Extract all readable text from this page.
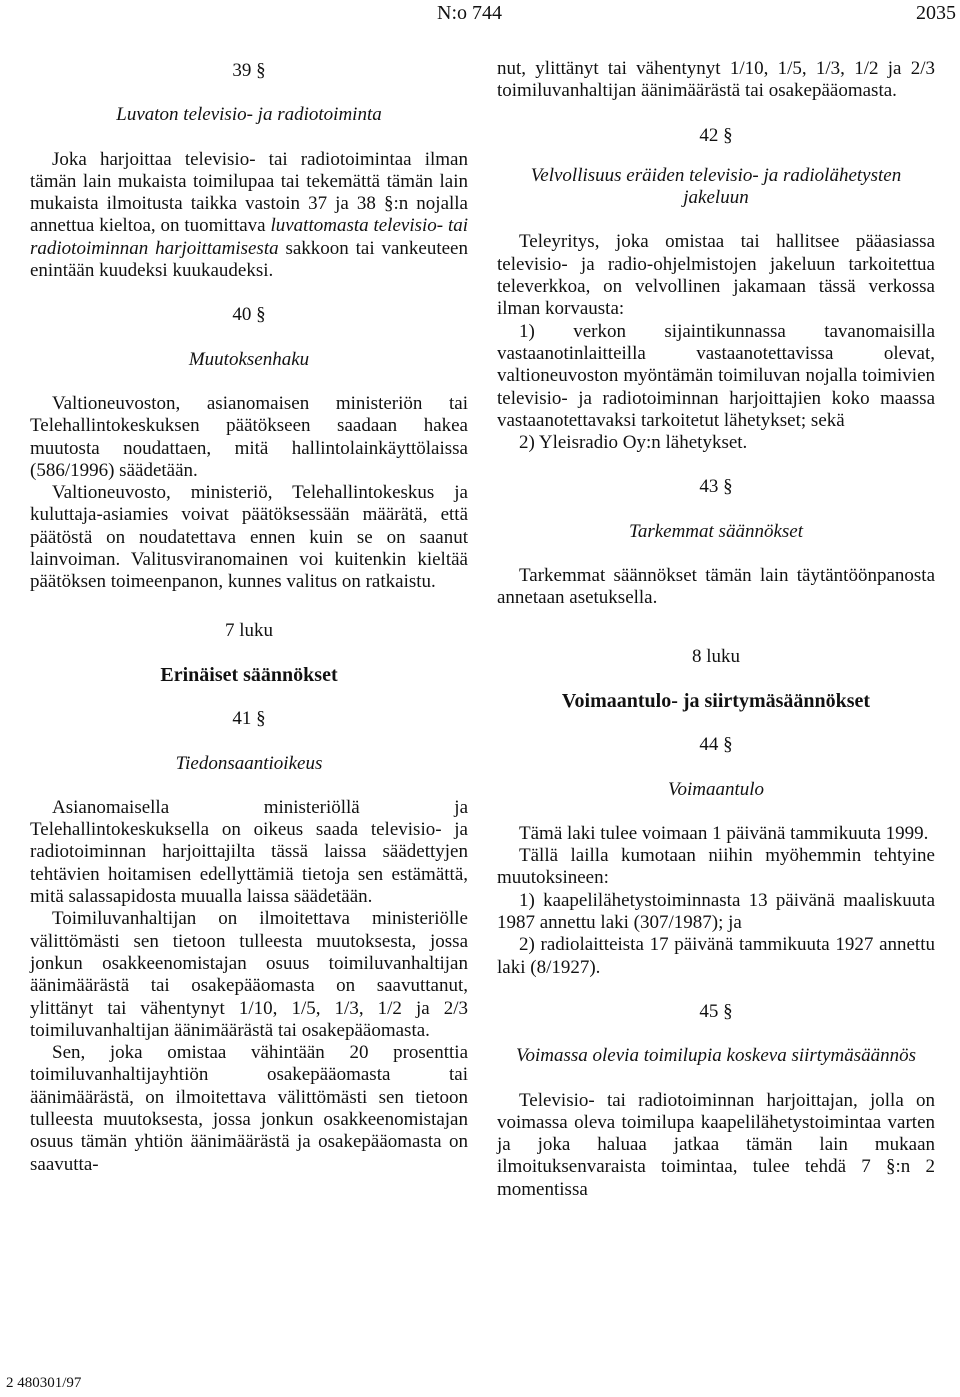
N:o 744	2035
39 §
Luvaton televisio- ja radiotoiminta

Joka harjoittaa televisio- tai radiotoimintaa ilman tämän lain mukaista toimilupaa tai tekemättä tämän lain mukaista ilmoitusta taikka vastoin 37 ja 38 §:n nojalla annettua kieltoa, on tuomittava luvattomasta televisio- tai radiotoiminnan harjoittamisesta sakkoon tai vankeuteen enintään kuudeksi kuukaudeksi.

40 §
Muutoksenhaku

Valtioneuvoston, asianomaisen ministeriön tai Telehallintokeskuksen päätökseen saadaan hakea muutosta noudattaen, mitä hallintolainkäyttölaissa (586/1996) säädetään.

Valtioneuvosto, ministeriö, Telehallintokeskus ja kuluttaja-asiamies voivat päätöksessään määrätä, että päätöstä on noudatettava ennen kuin se on saanut lainvoiman. Valitusviranomainen voi kuitenkin kieltää päätöksen toimeenpanon, kunnes valitus on ratkaistu.

7 luku
Erinäiset säännökset
41 §
Tiedonsaantioikeus

Asianomaisella ministeriöllä ja Telehallintokeskuksella on oikeus saada televisio- ja radiotoiminnan harjoittajilta tässä laissa säädettyjen tehtävien hoitamisen edellyttämiä tietoja sen estämättä, mitä salassapidosta muualla laissa säädetään.

Toimiluvanhaltijan on ilmoitettava ministeriölle välittömästi sen tietoon tulleesta muutoksesta, jossa jonkun osakkeenomistajan osuus toimiluvanhaltijan äänimäärästä tai osakepääomasta on saavuttanut, ylittänyt tai vähentynyt 1/10, 1/5, 1/3, 1/2 ja 2/3 toimiluvanhaltijan äänimäärästä tai osakepääomasta.

Sen, joka omistaa vähintään 20 prosenttia toimiluvanhaltijayhtiön osakepääomasta tai äänimäärästä, on ilmoitettava välittömästi sen tietoon tulleesta muutoksesta, jossa jonkun osakkeenomistajan osuus tämän yhtiön äänimäärästä ja osakepääomasta on saavutta-

nut, ylittänyt tai vähentynyt 1/10, 1/5, 1/3, 1/2 ja 2/3 toimiluvanhaltijan äänimäärästä tai osakepääomasta.

42 §
Velvollisuus eräiden televisio- ja radiolähetysten jakeluun

Teleyritys, joka omistaa tai hallitsee pääasiassa televisio- ja radio-ohjelmistojen jakeluun tarkoitettua televerkkoa, on velvollinen jakamaan tässä verkossa ilman korvausta:

1) verkon sijaintikunnassa tavanomaisilla vastaanotinlaitteilla vastaanotettavissa olevat, valtioneuvoston myöntämän toimiluvan nojalla toimivien televisio- ja radiotoiminnan harjoittajien koko maassa vastaanotettavaksi tarkoitetut lähetykset; sekä

2) Yleisradio Oy:n lähetykset.

43 §
Tarkemmat säännökset

Tarkemmat säännökset tämän lain täytäntöönpanosta annetaan asetuksella.

8 luku
Voimaantulo- ja siirtymäsäännökset
44 §
Voimaantulo

Tämä laki tulee voimaan 1 päivänä tammikuuta 1999.

Tällä lailla kumotaan niihin myöhemmin tehtyine muutoksineen:

1) kaapelilähetystoiminnasta 13 päivänä maaliskuuta 1987 annettu laki (307/1987); ja

2) radiolaitteista 17 päivänä tammikuuta 1927 annettu laki (8/1927).

45 §
Voimassa olevia toimilupia koskeva siirtymäsäännös

Televisio- tai radiotoiminnan harjoittajan, jolla on voimassa oleva toimilupa kaapelilähetystoimintaa varten ja joka haluaa jatkaa tämän lain mukaan ilmoituksenvaraista toimintaa, tulee tehdä 7 §:n 2 momentissa

2 480301/97
